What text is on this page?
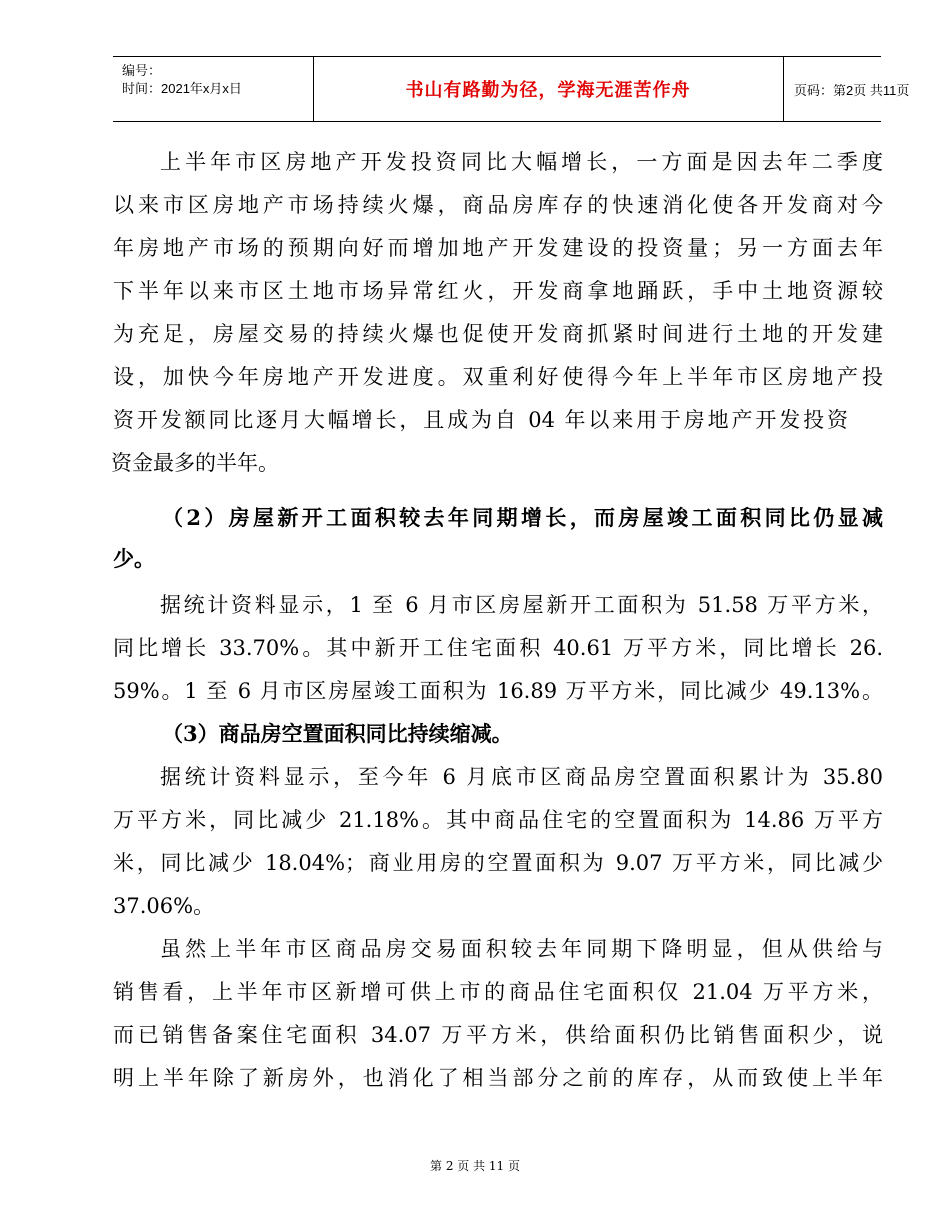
编号：
时间：2021年x月x日	书山有路勤为径，学海无涯苦作舟	页码：第2页 共11页
上半年市区房地产开发投资同比大幅增长，一方面是因去年二季度
以来市区房地产市场持续火爆，商品房库存的快速消化使各开发商对今
年房地产市场的预期向好而增加地产开发建设的投资量；另一方面去年
下半年以来市区土地市场异常红火，开发商拿地踊跃，手中土地资源较
为充足，房屋交易的持续火爆也促使开发商抓紧时间进行土地的开发建
设，加快今年房地产开发进度。双重利好使得今年上半年市区房地产投
资开发额同比逐月大幅增长，且成为自 04 年以来用于房地产开发投资
资金最多的半年。
（2）房屋新开工面积较去年同期增长，而房屋竣工面积同比仍显减
少。
据统计资料显示，1 至 6 月市区房屋新开工面积为 51.58 万平方米，
同比增长 33.70%。其中新开工住宅面积 40.61 万平方米，同比增长 26.
59%。1 至 6 月市区房屋竣工面积为 16.89 万平方米，同比减少 49.13%。
（3）商品房空置面积同比持续缩减。
据统计资料显示，至今年 6 月底市区商品房空置面积累计为 35.80
万平方米，同比减少 21.18%。其中商品住宅的空置面积为 14.86 万平方
米，同比减少 18.04%；商业用房的空置面积为 9.07 万平方米，同比减少
37.06%。
虽然上半年市区商品房交易面积较去年同期下降明显，但从供给与
销售看，上半年市区新增可供上市的商品住宅面积仅 21.04 万平方米，
而已销售备案住宅面积 34.07 万平方米，供给面积仍比销售面积少，说
明上半年除了新房外，也消化了相当部分之前的库存，从而致使上半年
第 2 页 共 11 页
